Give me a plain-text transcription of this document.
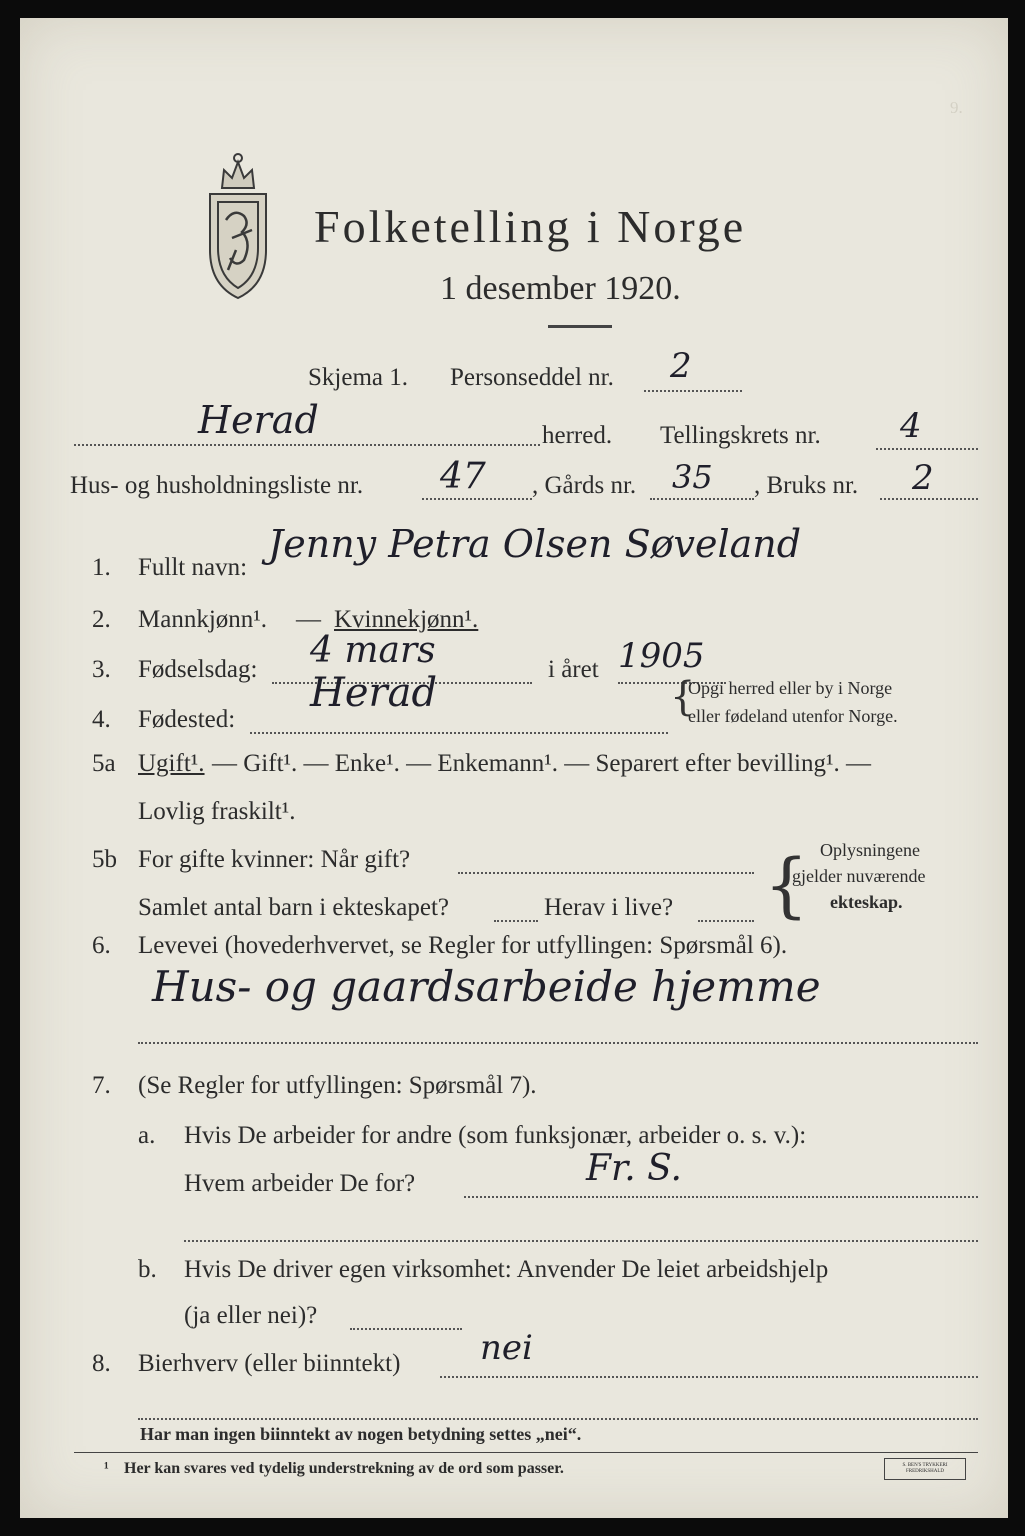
9.
Folketelling i Norge
1 desember 1920.
Skjema 1. Personseddel nr. 2
Herad	herred. Tellingskrets nr. 4
Hus- og husholdningsliste nr. 47 , Gårds nr. 35 , Bruks nr. 2
1. Fullt navn:
Jenny Petra Olsen Søveland
2. Mannkjønn¹. — Kvinnekjønn¹.
3. Fødselsdag: 4 mars	i året 1905
4. Fødested:
Herad	{
Opgi herred eller by i Norge
eller fødeland utenfor Norge.
5a Ugift¹. — Gift¹. — Enke¹. — Enkemann¹. — Separert efter bevilling¹. —
Lovlig fraskilt¹.
5b For gifte kvinner: Når gift?
Samlet antal barn i ekteskapet?	Herav i live? { Oplysningene
gjelder nuværende
ekteskap.
6. Levevei (hovederhvervet, se Regler for utfyllingen: Spørsmål 6).
Hus- og gaardsarbeide hjemme
7. (Se Regler for utfyllingen: Spørsmål 7).
a. Hvis De arbeider for andre (som funksjonær, arbeider o. s. v.):
Hvem arbeider De for?	Fr. S.
b. Hvis De driver egen virksomhet: Anvender De leiet arbeidshjelp
(ja eller nei)?
8. Bierhverv (eller biinntekt) nei
Har man ingen biinntekt av nogen betydning settes „nei“.
¹ Her kan svares ved tydelig understrekning av de ord som passer.	S. BEN'S TRYKKERI FREDRIKSHALD
